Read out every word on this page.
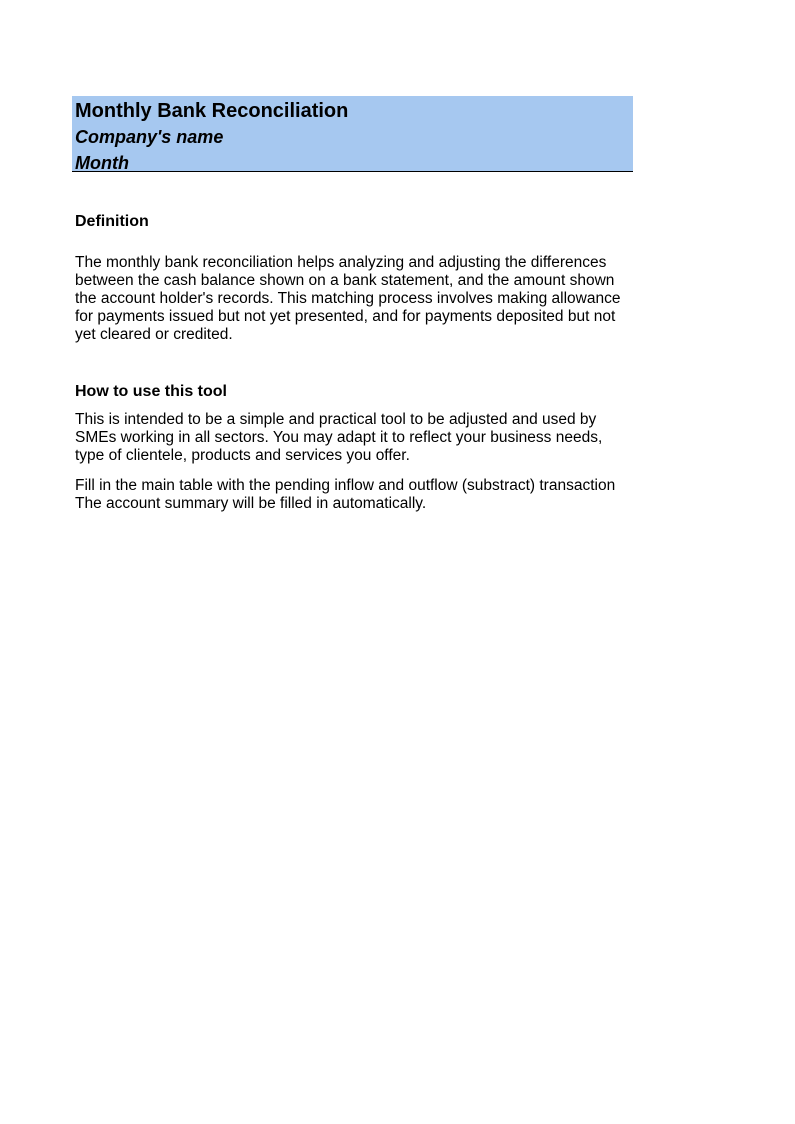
Monthly Bank Reconciliation
Company's name
Month
Definition
The monthly bank reconciliation helps analyzing and adjusting the differences
between the cash balance shown on a bank statement, and the amount shown
the account holder's records. This matching process involves making allowance
for payments issued but not yet presented, and for payments deposited but not
yet cleared or credited.
How to use this tool
This is intended to be a simple and practical tool to be adjusted and used by
SMEs working in all sectors. You may adapt it to reflect your business needs,
type of clientele, products and services you offer.
Fill in the main table with the pending inflow and outflow (substract) transaction
The account summary will be filled in automatically.
